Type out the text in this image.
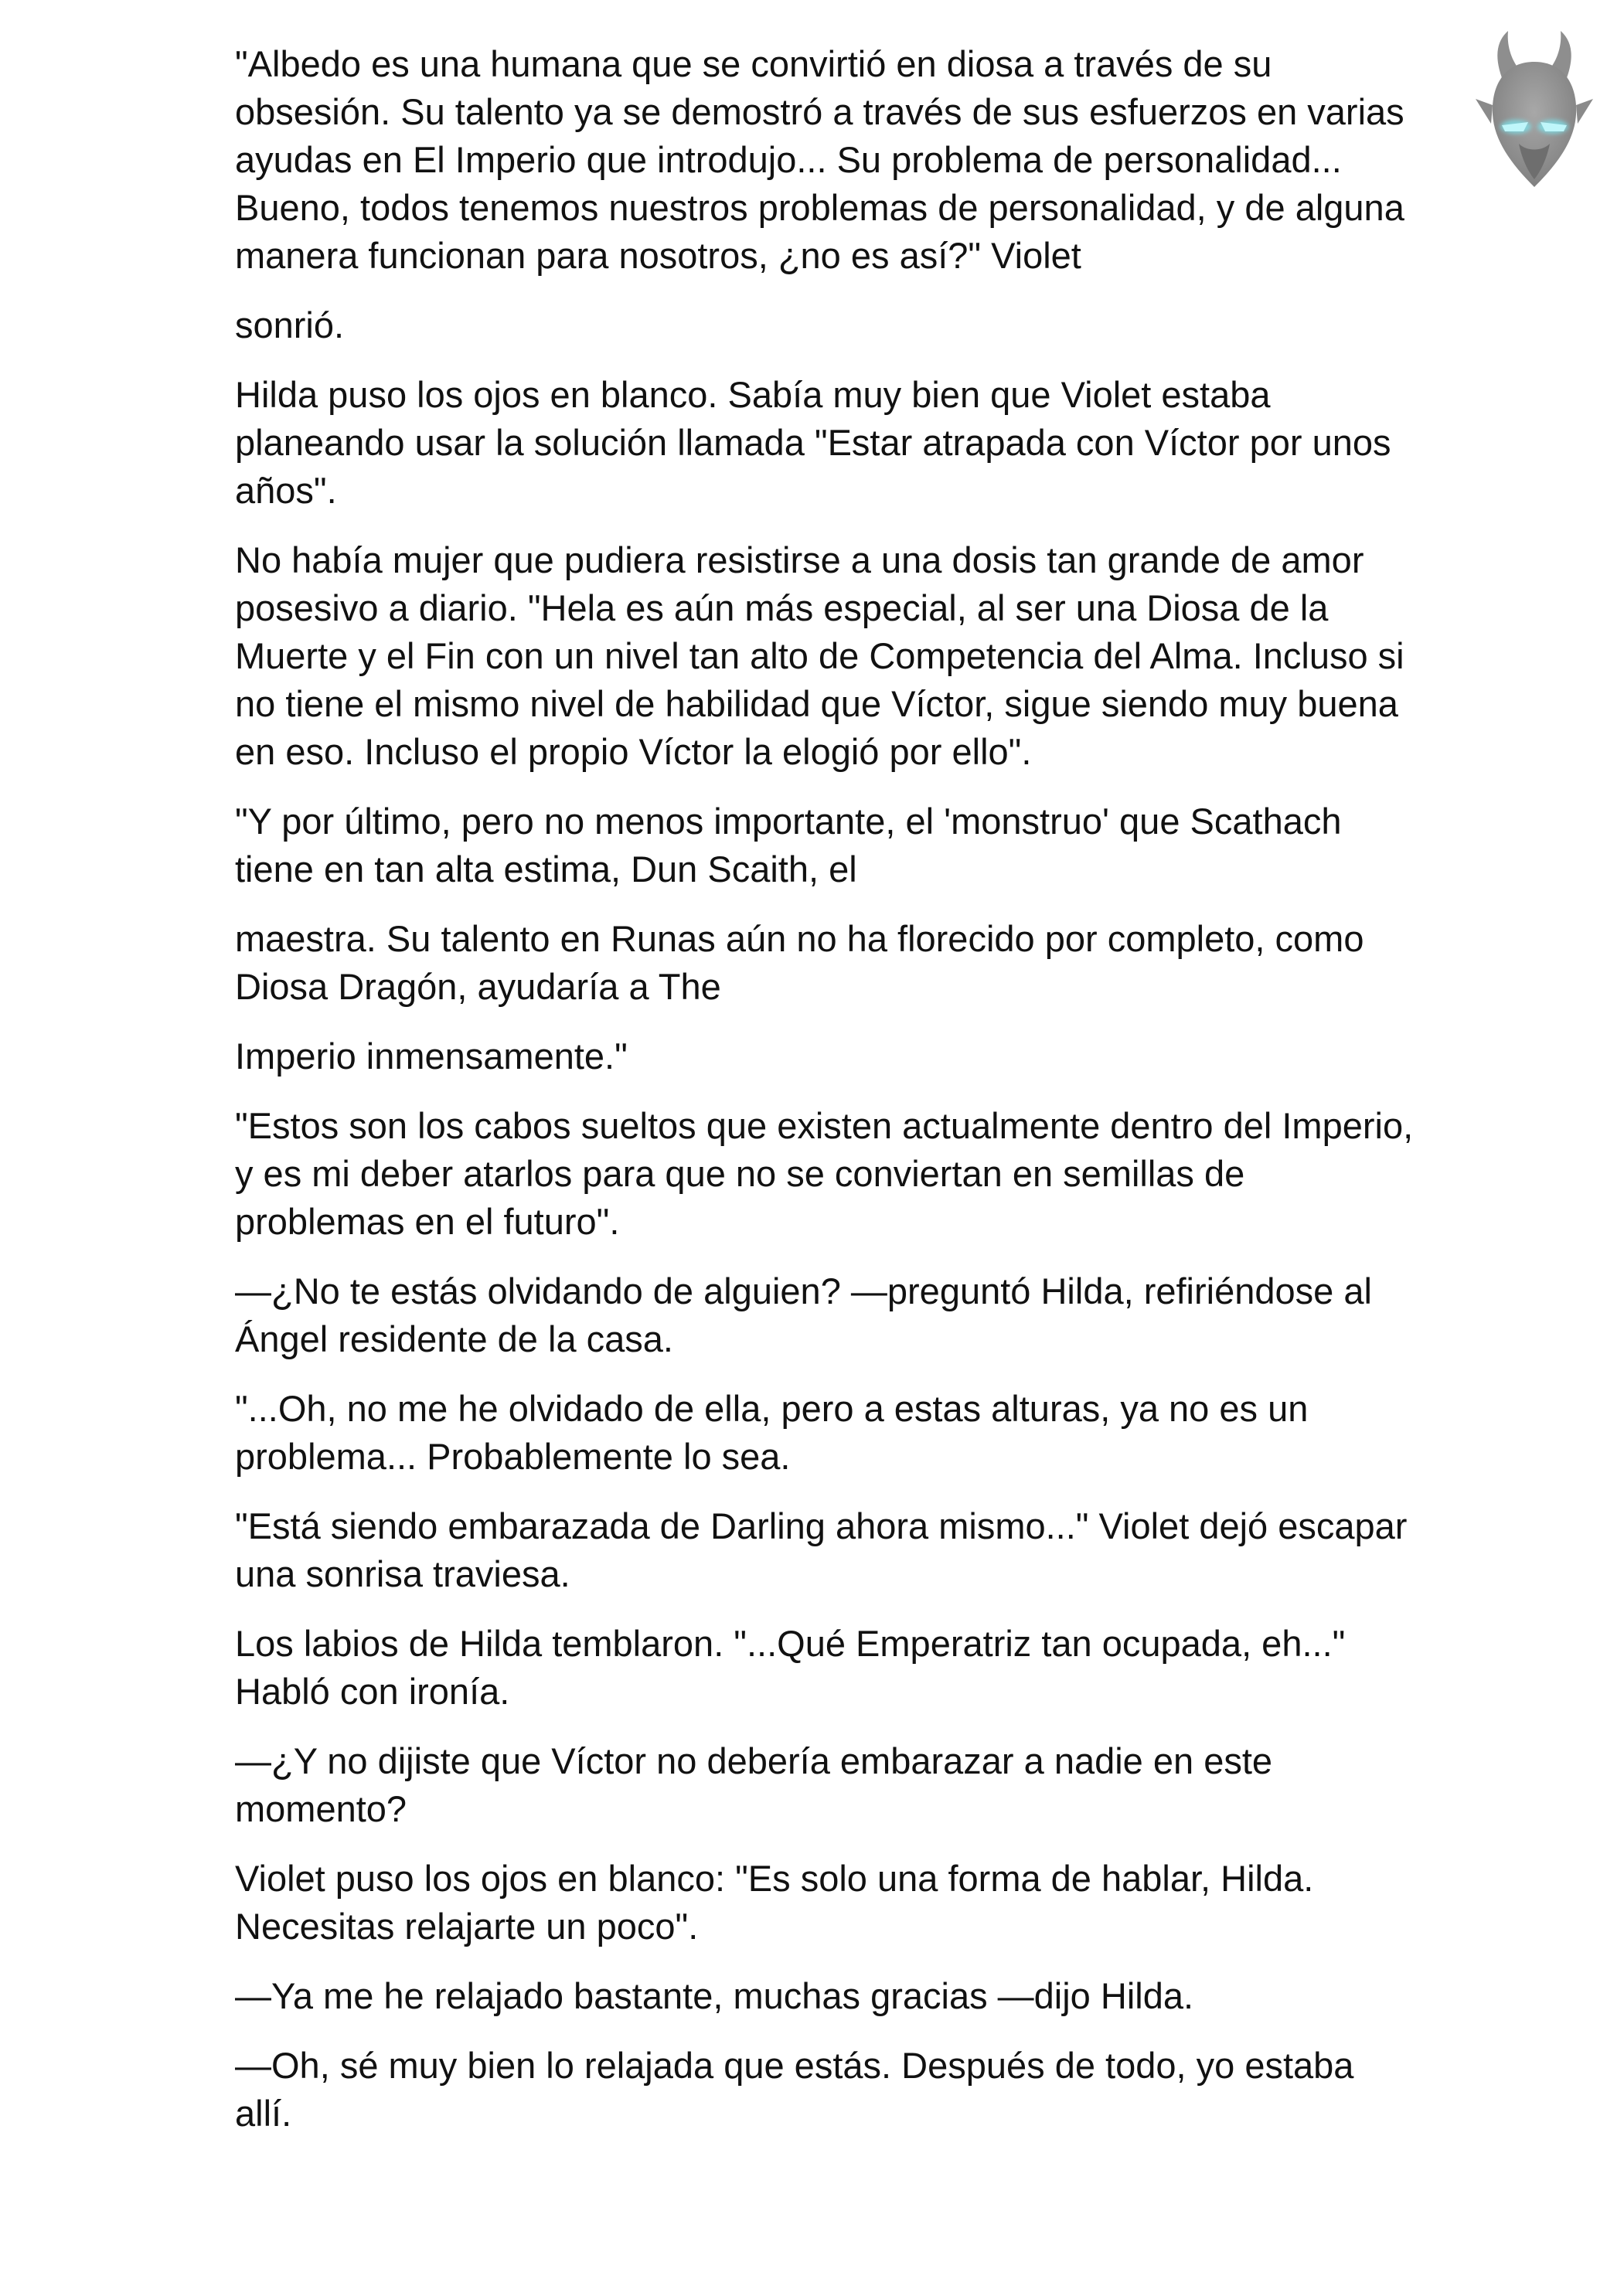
"Albedo es una humana que se convirtió en diosa a través de su obsesión. Su talento ya se demostró a través de sus esfuerzos en varias ayudas en El Imperio que introdujo... Su problema de personalidad... Bueno, todos tenemos nuestros problemas de personalidad, y de alguna manera funcionan para nosotros, ¿no es así?" Violet

sonrió.

Hilda puso los ojos en blanco. Sabía muy bien que Violet estaba planeando usar la solución llamada "Estar atrapada con Víctor por unos años".

No había mujer que pudiera resistirse a una dosis tan grande de amor posesivo a diario. "Hela es aún más especial, al ser una Diosa de la Muerte y el Fin con un nivel tan alto de Competencia del Alma. Incluso si no tiene el mismo nivel de habilidad que Víctor, sigue siendo muy buena en eso. Incluso el propio Víctor la elogió por ello".

"Y por último, pero no menos importante, el 'monstruo' que Scathach tiene en tan alta estima, Dun Scaith, el

maestra. Su talento en Runas aún no ha florecido por completo, como Diosa Dragón, ayudaría a The

Imperio inmensamente."

"Estos son los cabos sueltos que existen actualmente dentro del Imperio, y es mi deber atarlos para que no se conviertan en semillas de problemas en el futuro".

—¿No te estás olvidando de alguien? —preguntó Hilda, refiriéndose al Ángel residente de la casa.

"...Oh, no me he olvidado de ella, pero a estas alturas, ya no es un problema... Probablemente lo sea.

"Está siendo embarazada de Darling ahora mismo..." Violet dejó escapar una sonrisa traviesa.

Los labios de Hilda temblaron. "...Qué Emperatriz tan ocupada, eh..." Habló con ironía.

—¿Y no dijiste que Víctor no debería embarazar a nadie en este momento?

Violet puso los ojos en blanco: "Es solo una forma de hablar, Hilda. Necesitas relajarte un poco".

—Ya me he relajado bastante, muchas gracias —dijo Hilda.

—Oh, sé muy bien lo relajada que estás. Después de todo, yo estaba allí.
